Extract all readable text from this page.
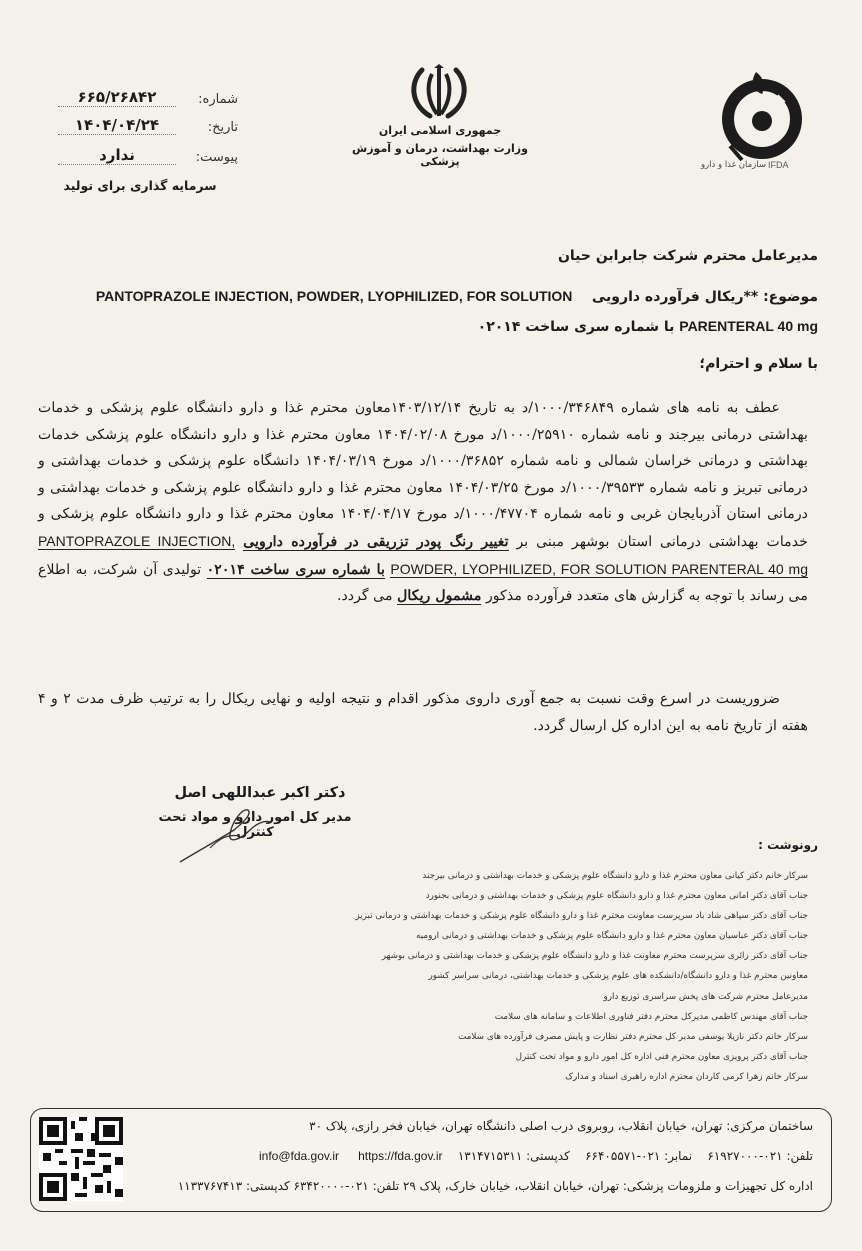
جمهوری اسلامی ایران
وزارت بهداشت، درمان و آموزش پزشکی	IFDA
سازمان غذا و دارو
شماره:
۶۶۵/۲۶۸۴۲
تاریخ:
۱۴۰۴/۰۴/۲۴
پیوست:
ندارد
سرمایه گذاری برای تولید
مدیرعامل محترم شرکت جابرابن حیان
موضوع: **ریکال فرآورده دارویی    PANTOPRAZOLE INJECTION, POWDER, LYOPHILIZED, FOR SOLUTION
PARENTERAL 40 mg با شماره سری ساخت ۰۲۰۱۴
با سلام و احترام؛

عطف به نامه های شماره ۱۰۰۰/۳۴۶۸۴۹/د به تاریخ ۱۴۰۳/۱۲/۱۴معاون محترم غذا و دارو دانشگاه علوم پزشکی و خدمات بهداشتی درمانی بیرجند و نامه شماره ۱۰۰۰/۲۵۹۱۰/د مورخ ۱۴۰۴/۰۲/۰۸ معاون محترم غذا و دارو دانشگاه علوم پزشکی خدمات بهداشتی و درمانی خراسان شمالی و نامه شماره ۱۰۰۰/۳۶۸۵۲/د مورخ ۱۴۰۴/۰۳/۱۹ دانشگاه علوم پزشکی و خدمات بهداشتی و درمانی تبریز و نامه شماره ۱۰۰۰/۳۹۵۳۳/د مورخ ۱۴۰۴/۰۳/۲۵ معاون محترم غذا و دارو دانشگاه علوم پزشکی و خدمات بهداشتی و درمانی استان آذربایجان غربی و نامه شماره ۱۰۰۰/۴۷۷۰۴/د مورخ ۱۴۰۴/۰۴/۱۷ معاون محترم غذا و دارو دانشگاه علوم پزشکی و خدمات بهداشتی درمانی استان بوشهر مبنی بر تغییر رنگ پودر تزریقی در فرآورده دارویی PANTOPRAZOLE INJECTION, POWDER, LYOPHILIZED, FOR SOLUTION PARENTERAL 40 mg با شماره سری ساخت ۰۲۰۱۴ تولیدی آن شرکت، به اطلاع می رساند با توجه به گزارش های متعدد فرآورده مذکور مشمول ریکال می گردد.

ضروریست در اسرع وقت نسبت به جمع آوری داروی مذکور اقدام و نتیجه اولیه و نهایی ریکال را به ترتیب ظرف مدت ۲ و ۴ هفته از تاریخ نامه به این اداره کل ارسال گردد.

دکتر اکبر عبداللهی اصل
مدیر کل امور دارو و مواد تحت کنترل
رونوشت :
سرکار خانم دکتر کیانی معاون محترم غذا و دارو دانشگاه علوم پزشکی و خدمات بهداشتی و درمانی بیرجند
جناب آقای دکتر امانی معاون محترم غذا و دارو دانشگاه علوم پزشکی و خدمات بهداشتی و درمانی بجنورد
جناب آقای دکتر سپاهی شاد باد سرپرست معاونت محترم غذا و دارو دانشگاه علوم پزشکی و خدمات بهداشتی و درمانی تبریز
جناب آقای دکتر عباسیان معاون محترم غذا و دارو دانشگاه علوم پزشکی و خدمات بهداشتی و درمانی ارومیه
جناب آقای دکتر زائری سرپرست محترم معاونت غذا و دارو دانشگاه علوم پزشکی و خدمات بهداشتی و درمانی بوشهر
معاونین محترم غذا و دارو دانشگاه/دانشکده های علوم پزشکی و خدمات بهداشتی، درمانی سراسر کشور
مدیرعامل محترم شرکت های پخش سراسری توزیع دارو
جناب آقای مهندس کاظمی مدیرکل محترم دفتر فناوری اطلاعات و سامانه های سلامت
سرکار خانم دکتر نازیلا یوسفی مدیر کل محترم دفتر نظارت و پایش مصرف فرآورده های سلامت
جناب آقای دکتر پرویزی معاون محترم فنی اداره کل امور دارو و مواد تحت کنترل
سرکار خانم زهرا کرمی کاردان محترم اداره راهبری اسناد و مدارک
ساختمان مرکزی: تهران، خیابان انقلاب، روبروی درب اصلی دانشگاه تهران، خیابان فخر رازی، پلاک ۳۰
تلفن: ۰۲۱-۶۱۹۲۷۰۰۰    نمابر: ۰۲۱-۶۶۴۰۵۵۷۱    کدپستی: ۱۳۱۴۷۱۵۳۱۱    info@fda.gov.ir https://fda.gov.ir
اداره کل تجهیزات و ملزومات پزشکی: تهران، خیابان انقلاب، خیابان خارک، پلاک ۲۹ تلفن: ۰۲۱-۶۳۴۲۰۰۰۰ کدپستی: ۱۱۳۳۷۶۷۴۱۳
